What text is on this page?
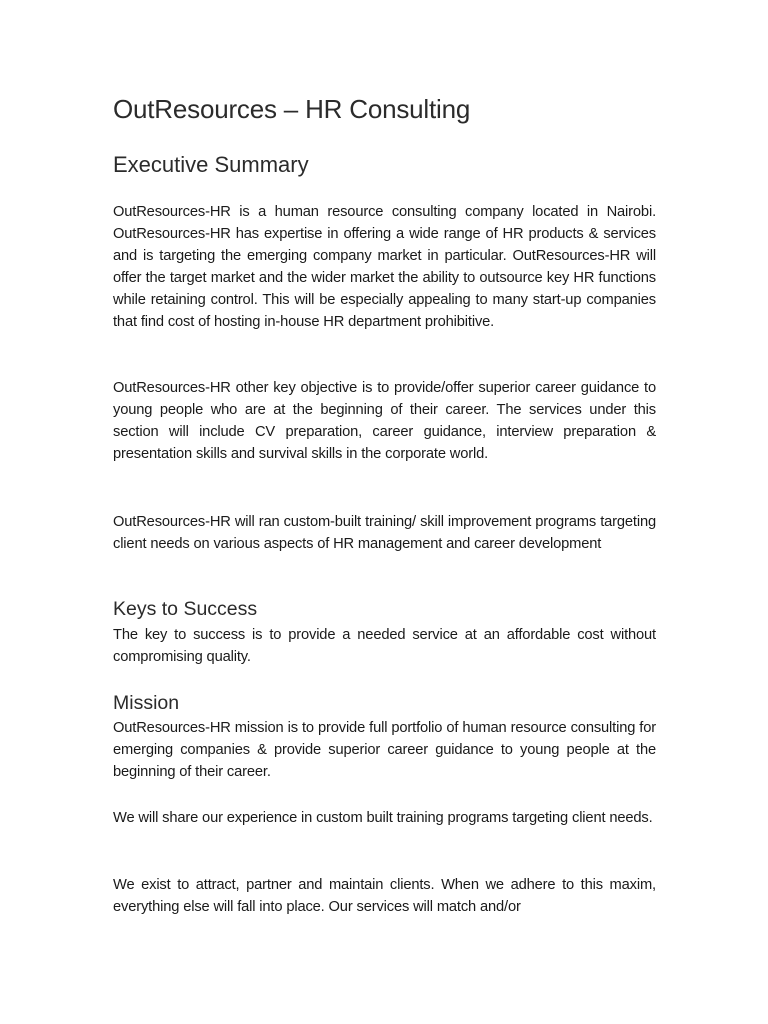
OutResources – HR Consulting
Executive Summary

OutResources-HR is a human resource consulting company located in Nairobi. OutResources-HR has expertise in offering a wide range of HR products & services and is targeting the emerging company market in particular. OutResources-HR will offer the target market and the wider market the ability to outsource key HR functions while retaining control. This will be especially appealing to many start-up companies that find cost of hosting in-house HR department prohibitive.

OutResources-HR other key objective is to provide/offer superior career guidance to young people who are at the beginning of their career. The services under this section will include CV preparation, career guidance, interview preparation & presentation skills and survival skills in the corporate world.

OutResources-HR will ran custom-built training/ skill improvement programs targeting client needs on various aspects of HR management and career development

Keys to Success

The key to success is to provide a needed service at an affordable cost without compromising quality.

Mission

OutResources-HR mission is to provide full portfolio of human resource consulting for emerging companies & provide superior career guidance to young people at the beginning of their career.

We will share our experience in custom built training programs targeting client needs.

We exist to attract, partner and maintain clients. When we adhere to this maxim, everything else will fall into place. Our services will match and/or
